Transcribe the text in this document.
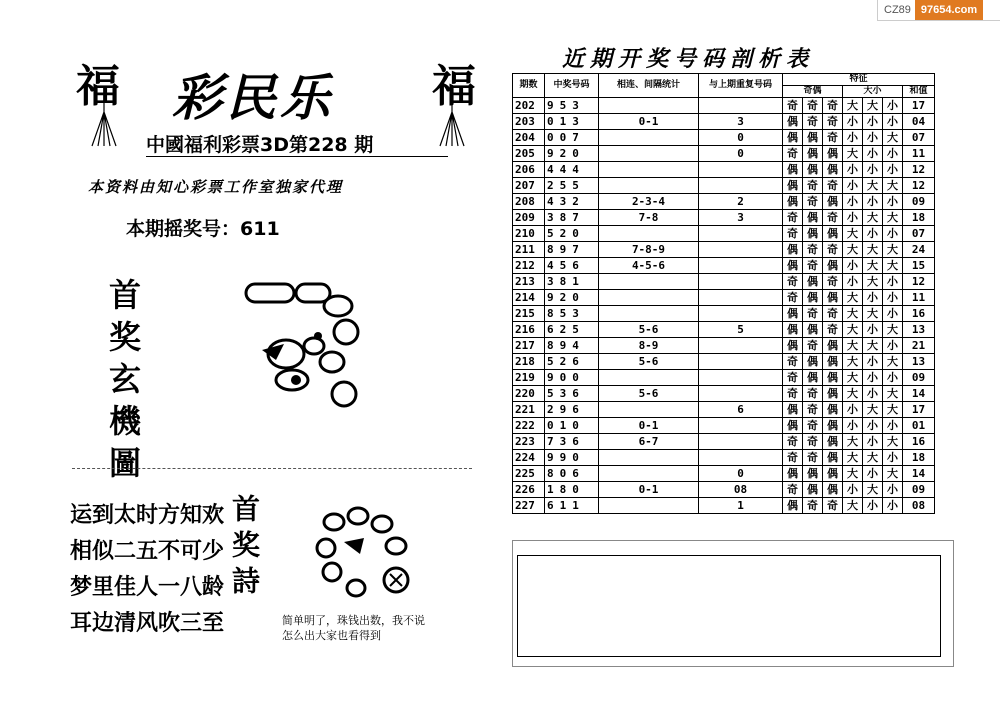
CZ89 97654.com
福	福
彩民乐
中國福利彩票3D第228 期
本资料由知心彩票工作室独家代理
本期摇奖号：611
首奖玄機圖
运到太时方知欢
相似二五不可少
梦里佳人一八龄
耳边清风吹三至
首奖詩
简单明了，珠钱出数，我不说
怎么出大家也看得到
近期开奖号码剖析表
期数	中奖号码	相连、间隔统计	与上期重复号码	特征						
				奇偶			大小			和值
202	953			奇	奇	奇	大	大	小	17
203	013	0-1	3	偶	奇	奇	小	小	小	04
204	007		0	偶	偶	奇	小	小	大	07
205	920		0	奇	偶	偶	大	小	小	11
206	444			偶	偶	偶	小	小	小	12
207	255			偶	奇	奇	小	大	大	12
208	432	2-3-4	2	偶	奇	偶	小	小	小	09
209	387	7-8	3	奇	偶	奇	小	大	大	18
210	520			奇	偶	偶	大	小	小	07
211	897	7-8-9		偶	奇	奇	大	大	大	24
212	456	4-5-6		偶	奇	偶	小	大	大	15
213	381			奇	偶	奇	小	大	小	12
214	920			奇	偶	偶	大	小	小	11
215	853			偶	奇	奇	大	大	小	16
216	625	5-6	5	偶	偶	奇	大	小	大	13
217	894	8-9		偶	奇	偶	大	大	小	21
218	526	5-6		奇	偶	偶	大	小	大	13
219	900			奇	偶	偶	大	小	小	09
220	536	5-6		奇	奇	偶	大	小	大	14
221	296		6	偶	奇	偶	小	大	大	17
222	010	0-1		偶	奇	偶	小	小	小	01
223	736	6-7		奇	奇	偶	大	小	大	16
224	990			奇	奇	偶	大	大	小	18
225	806		0	偶	偶	偶	大	小	大	14
226	180	0-1	08	奇	偶	偶	小	大	小	09
227	611		1	偶	奇	奇	大	小	小	08
